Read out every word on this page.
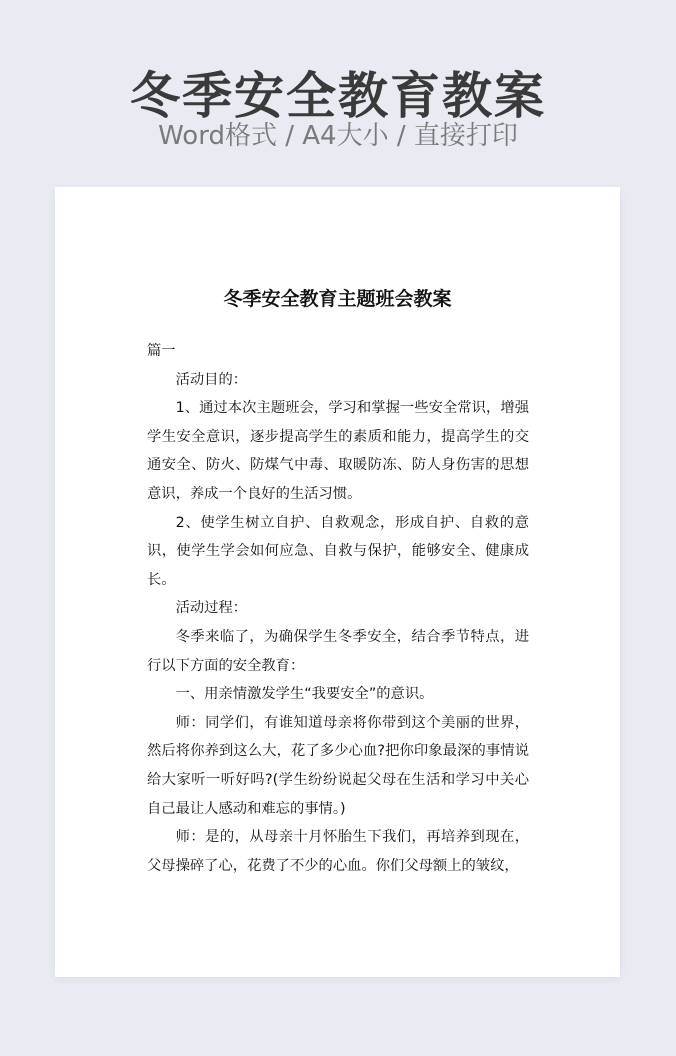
冬季安全教育教案
Word格式 / A4大小 / 直接打印
冬季安全教育主题班会教案

篇一

活动目的：

1、通过本次主题班会，学习和掌握一些安全常识，增强学生安全意识，逐步提高学生的素质和能力，提高学生的交通安全、防火、防煤气中毒、取暖防冻、防人身伤害的思想意识，养成一个良好的生活习惯。

2、使学生树立自护、自救观念，形成自护、自救的意识，使学生学会如何应急、自救与保护，能够安全、健康成长。

活动过程：

冬季来临了，为确保学生冬季安全，结合季节特点，进行以下方面的安全教育：

一、用亲情激发学生“我要安全”的意识。

师：同学们，有谁知道母亲将你带到这个美丽的世界，然后将你养到这么大，花了多少心血?把你印象最深的事情说给大家听一听好吗?(学生纷纷说起父母在生活和学习中关心自己最让人感动和难忘的事情。)

师：是的，从母亲十月怀胎生下我们，再培养到现在，父母操碎了心，花费了不少的心血。你们父母额上的皱纹，
